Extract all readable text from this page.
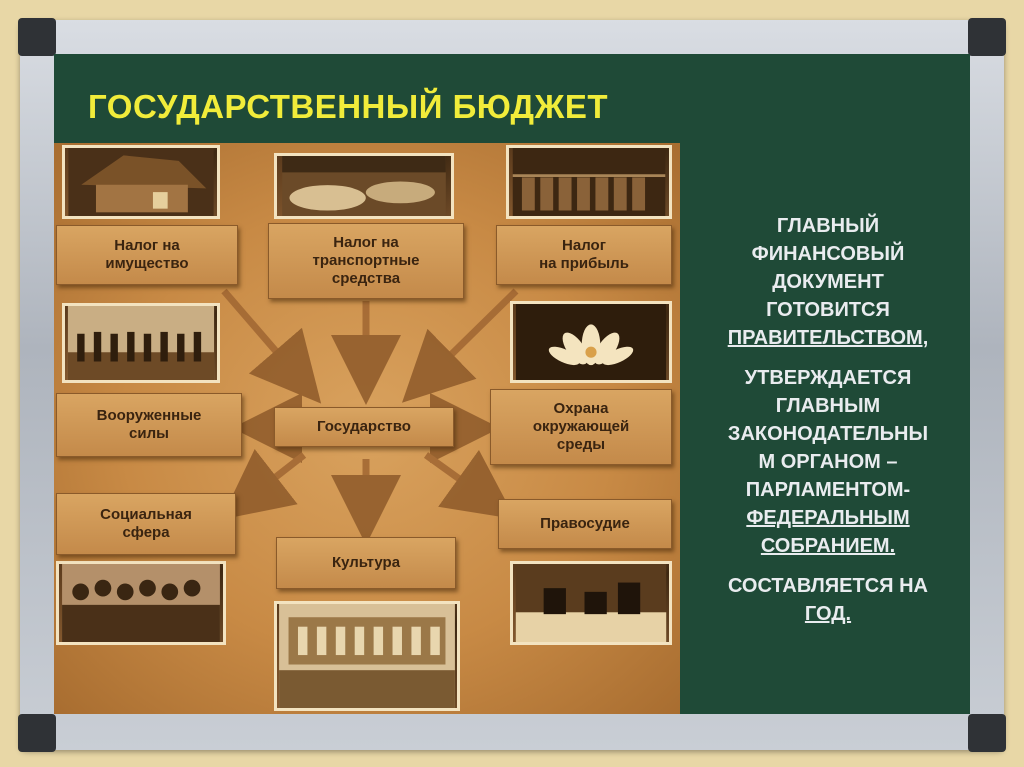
ГОСУДАРСТВЕННЫЙ БЮДЖЕТ
Налог на
имущество
Налог на
транспортные
средства
Налог
на прибыль
Вооруженные
силы	Государство
Охрана
окружающей
среды
Социальная
сфера
Правосудие
Культура
ГЛАВНЫЙ
ФИНАНСОВЫЙ
ДОКУМЕНТ
ГОТОВИТСЯ
ПРАВИТЕЛЬСТВОМ,
УТВЕРЖДАЕТСЯ
ГЛАВНЫМ
ЗАКОНОДАТЕЛЬНЫ
М ОРГАНОМ –
ПАРЛАМЕНТОМ-
ФЕДЕРАЛЬНЫМ
СОБРАНИЕМ.
СОСТАВЛЯЕТСЯ НА
ГОД.
